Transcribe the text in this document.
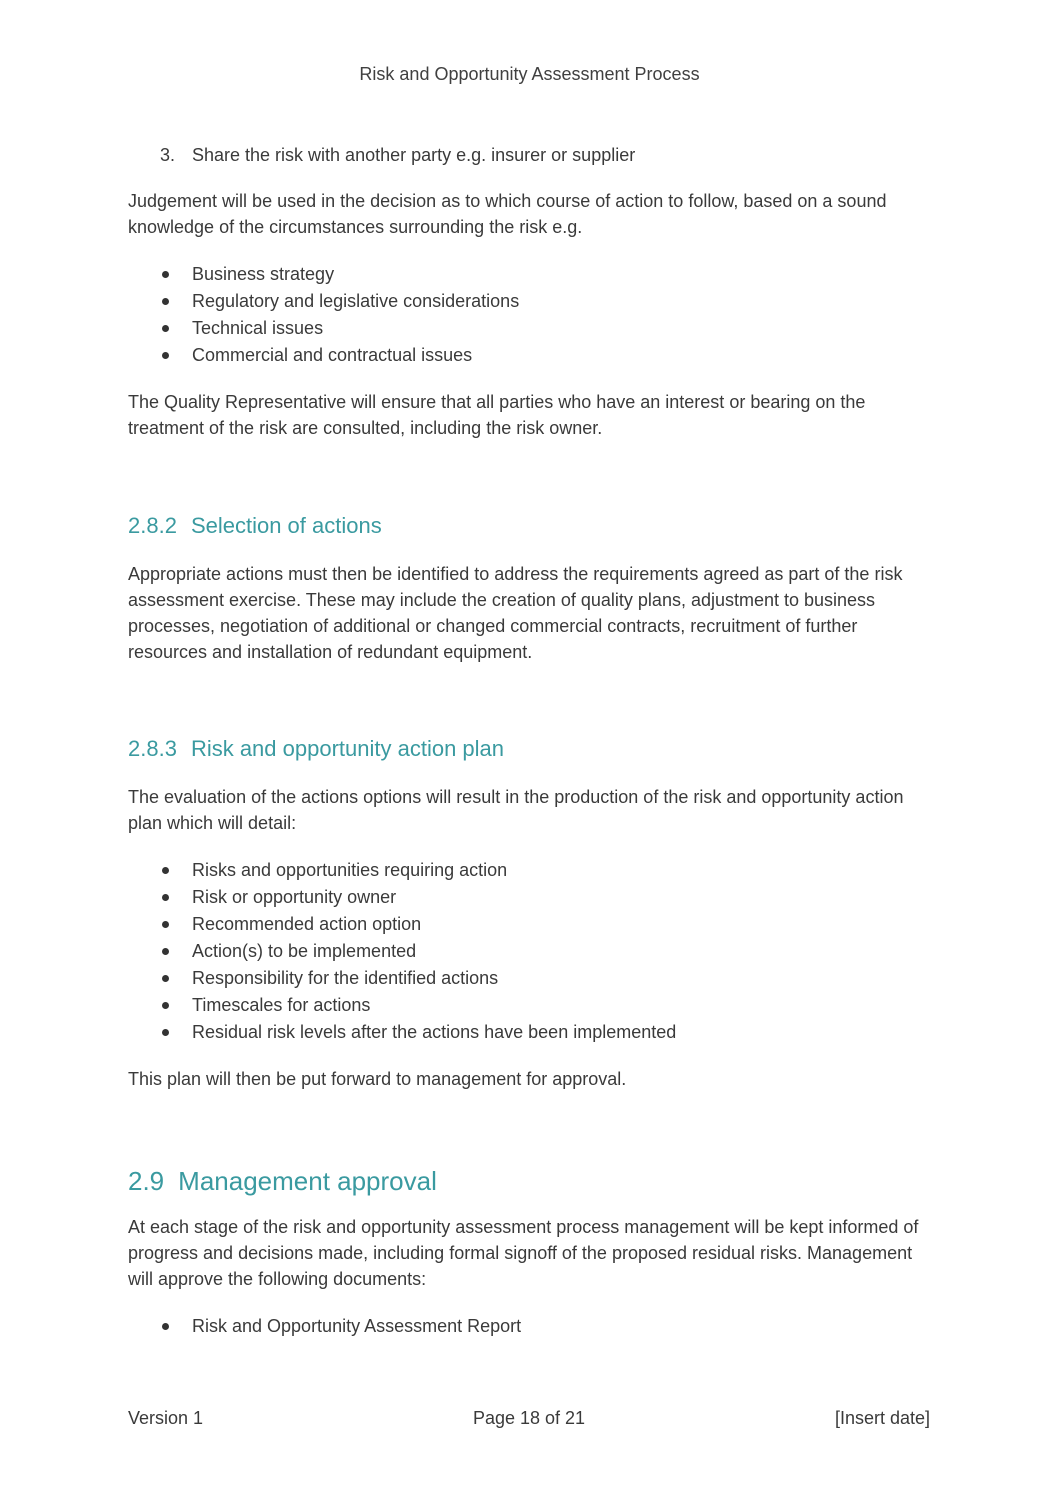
Risk and Opportunity Assessment Process
3. Share the risk with another party e.g. insurer or supplier

Judgement will be used in the decision as to which course of action to follow, based on a sound knowledge of the circumstances surrounding the risk e.g.

Business strategy
Regulatory and legislative considerations
Technical issues
Commercial and contractual issues

The Quality Representative will ensure that all parties who have an interest or bearing on the treatment of the risk are consulted, including the risk owner.

2.8.2 Selection of actions

Appropriate actions must then be identified to address the requirements agreed as part of the risk assessment exercise. These may include the creation of quality plans, adjustment to business processes, negotiation of additional or changed commercial contracts, recruitment of further resources and installation of redundant equipment.

2.8.3 Risk and opportunity action plan

The evaluation of the actions options will result in the production of the risk and opportunity action plan which will detail:

Risks and opportunities requiring action
Risk or opportunity owner
Recommended action option
Action(s) to be implemented
Responsibility for the identified actions
Timescales for actions
Residual risk levels after the actions have been implemented

This plan will then be put forward to management for approval.

2.9 Management approval

At each stage of the risk and opportunity assessment process management will be kept informed of progress and decisions made, including formal signoff of the proposed residual risks. Management will approve the following documents:

Risk and Opportunity Assessment Report
Version 1	Page 18 of 21	[Insert date]
